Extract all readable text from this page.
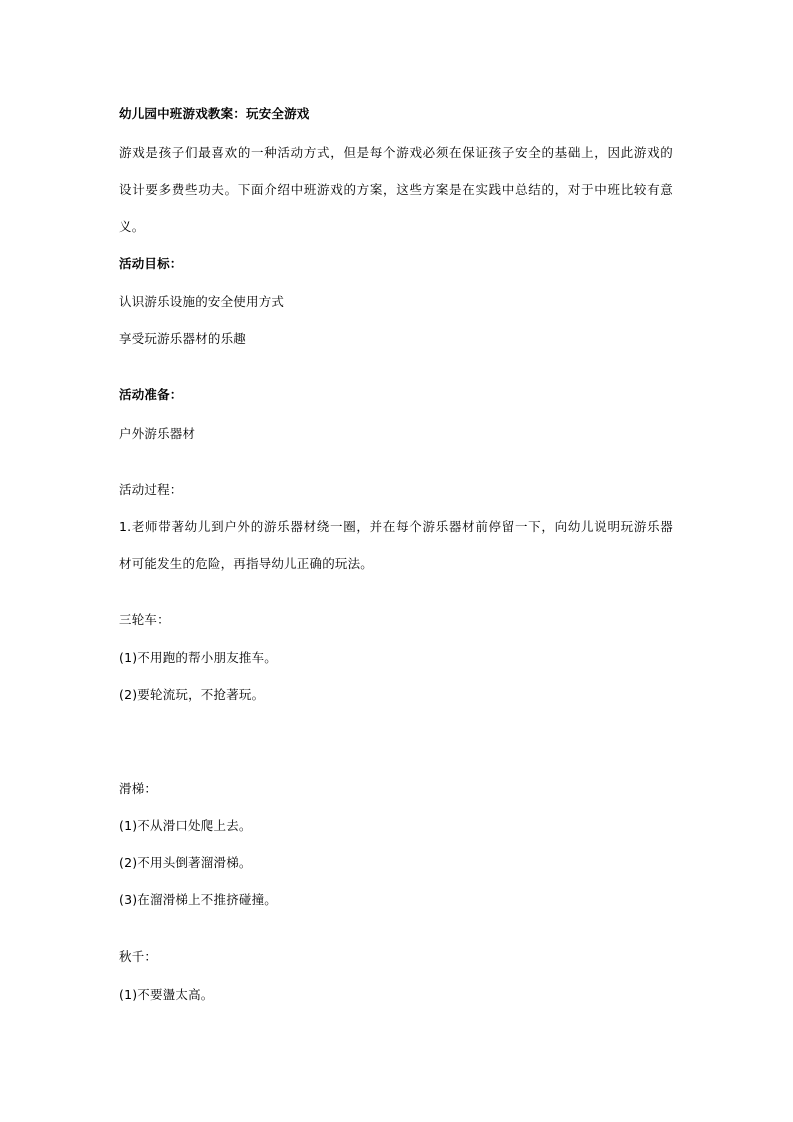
幼儿园中班游戏教案：玩安全游戏
游戏是孩子们最喜欢的一种活动方式，但是每个游戏必须在保证孩子安全的基础上，因此游戏的
设计要多费些功夫。下面介绍中班游戏的方案，这些方案是在实践中总结的，对于中班比较有意
义。
活动目标：
认识游乐设施的安全使用方式
享受玩游乐器材的乐趣
活动准备：
户外游乐器材
活动过程：
1.老师带著幼儿到户外的游乐器材绕一圈，并在每个游乐器材前停留一下，向幼儿说明玩游乐器
材可能发生的危险，再指导幼儿正确的玩法。
三轮车：
(1)不用跑的帮小朋友推车。
(2)要轮流玩，不抢著玩。
滑梯：
(1)不从滑口处爬上去。
(2)不用头倒著溜滑梯。
(3)在溜滑梯上不推挤碰撞。
秋千：
(1)不要盪太高。
